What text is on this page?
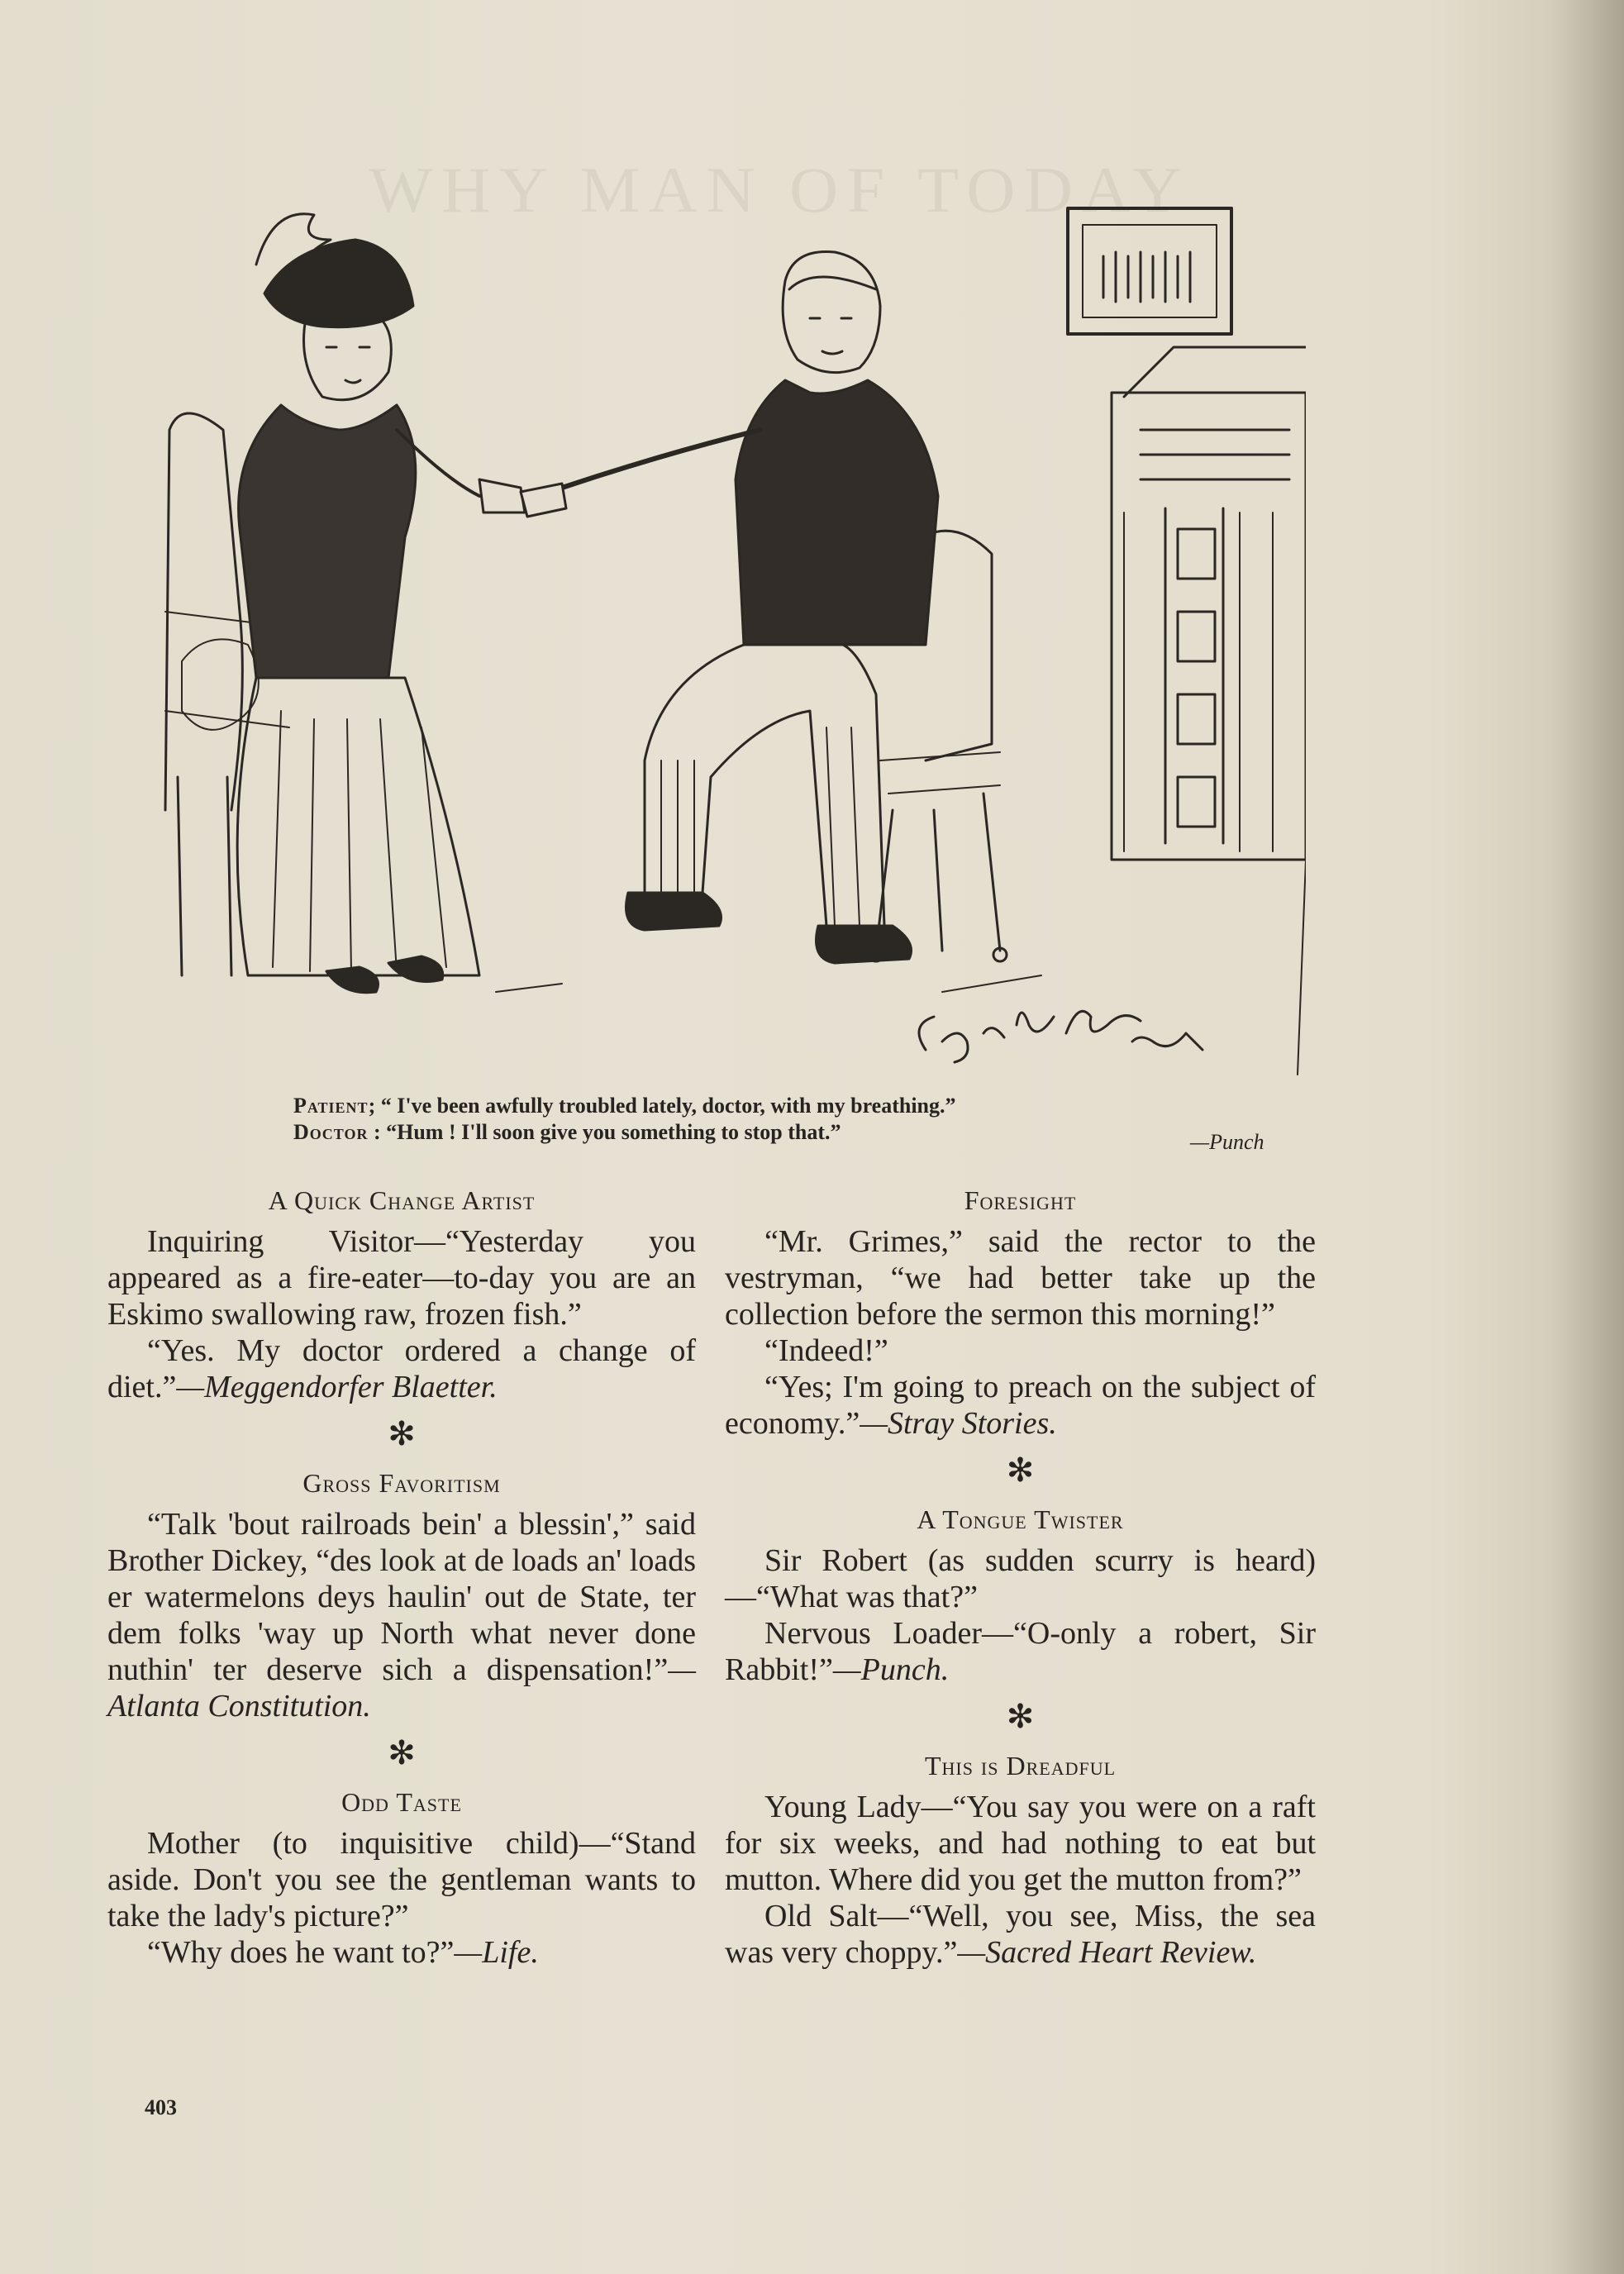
WHY MAN OF TODAY
Patient; “ I've been awfully troubled lately, doctor, with my breathing.”
Doctor : “Hum ! I'll soon give you something to stop that.”	—Punch
A Quick Change Artist

Inquiring Visitor—“Yesterday you appeared as a fire-eater—to-day you are an Eskimo swallowing raw, frozen fish.”

“Yes. My doctor ordered a change of diet.”—Meggendorfer Blaetter.

✻
Gross Favoritism

“Talk 'bout railroads bein' a blessin',” said Brother Dickey, “des look at de loads an' loads er watermelons deys haulin' out de State, ter dem folks 'way up North what never done nuthin' ter deserve sich a dispensation!”—Atlanta Constitution.

✻
Odd Taste

Mother (to inquisitive child)—“Stand aside. Don't you see the gentleman wants to take the lady's picture?”

“Why does he want to?”—Life.

Foresight

“Mr. Grimes,” said the rector to the vestryman, “we had better take up the collection before the sermon this morning!”

“Indeed!”

“Yes; I'm going to preach on the subject of economy.”—Stray Stories.

✻
A Tongue Twister

Sir Robert (as sudden scurry is heard)—“What was that?”

Nervous Loader—“O-only a robert, Sir Rabbit!”—Punch.

✻
This is Dreadful

Young Lady—“You say you were on a raft for six weeks, and had nothing to eat but mutton. Where did you get the mutton from?”

Old Salt—“Well, you see, Miss, the sea was very choppy.”—Sacred Heart Review.

403
